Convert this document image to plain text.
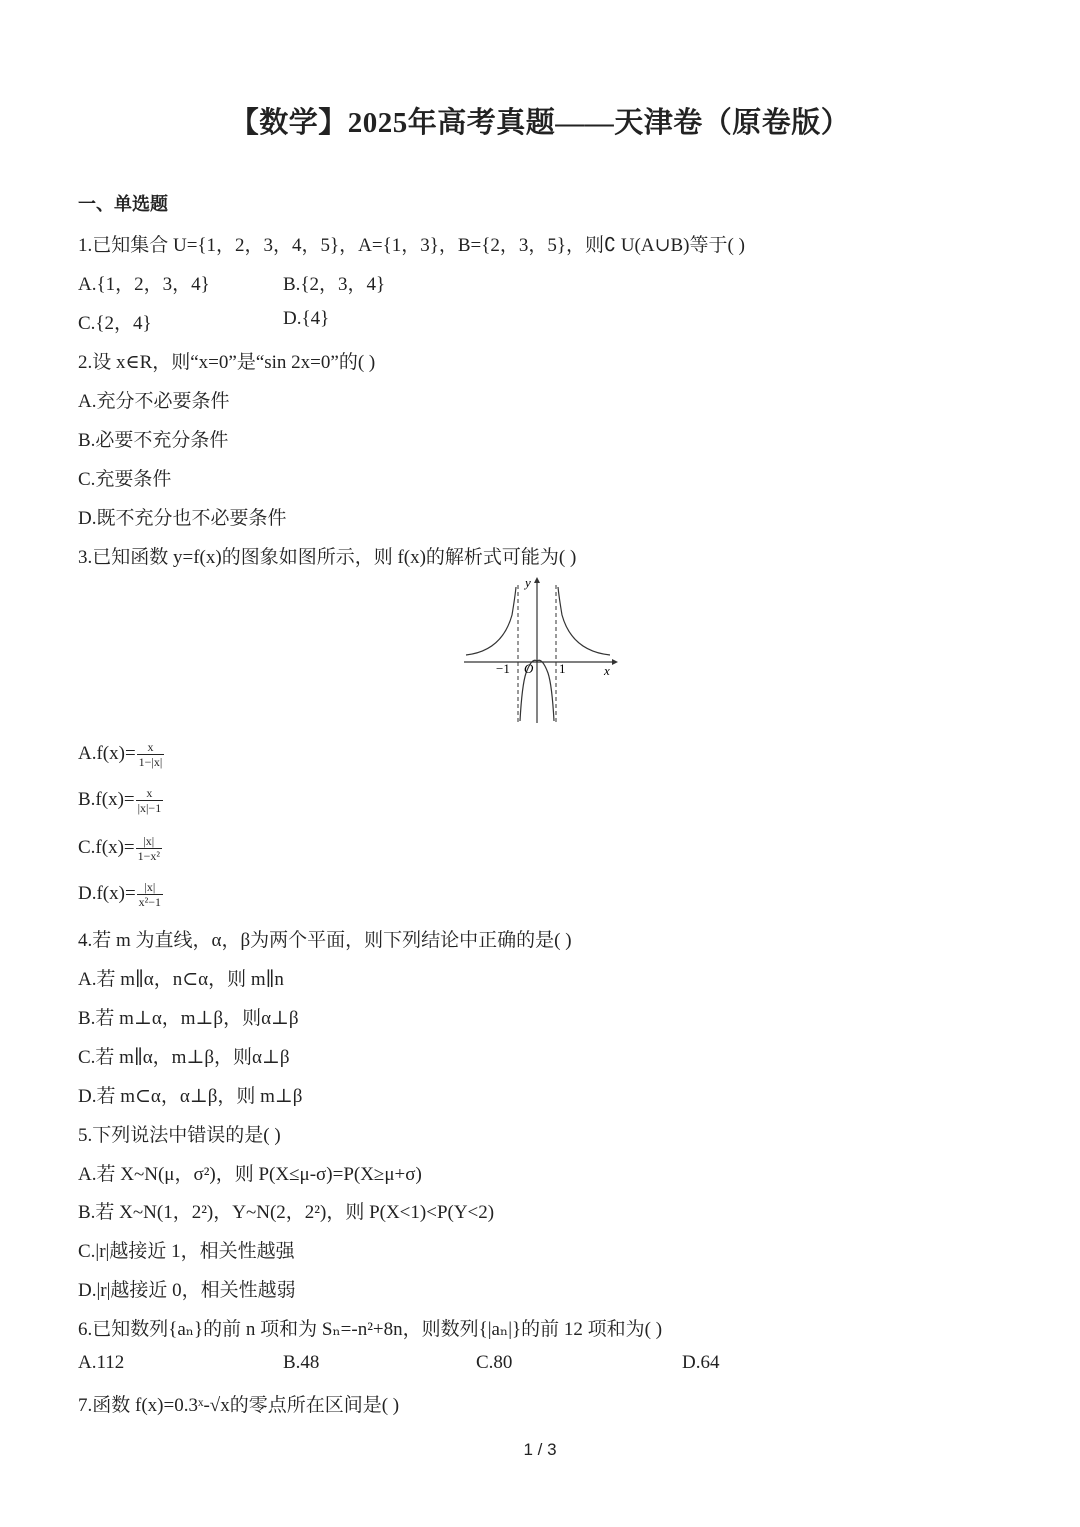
【数学】2025年高考真题——天津卷（原卷版）
一、单选题
1.已知集合 U={1，2，3，4，5}，A={1，3}，B={2，3，5}，则∁ U(A∪B)等于( )
A.{1，2，3，4}	B.{2，3，4}
C.{2，4}	D.{4}
2.设 x∈R，则“x=0”是“sin 2x=0”的( )
A.充分不必要条件
B.必要不充分条件
C.充要条件
D.既不充分也不必要条件
3.已知函数 y=f(x)的图象如图所示，则 f(x)的解析式可能为( )
y
x
−1 O 1
$A.f(x)= \frac{x}{1-|x|}$
$B.f(x)= \frac{x}{|x|-1}$
$C.f(x)= \frac{|x|}{\text{1−x²}}$
$D.f(x)= \frac{|x|}{\text{x²−1}}$
4.若 m 为直线，α，β为两个平面，则下列结论中正确的是( )
A.若 m∥α，n⊂α，则 m∥n
B.若 m⊥α，m⊥β，则α⊥β
C.若 m∥α，m⊥β，则α⊥β
D.若 m⊂α，α⊥β，则 m⊥β
5.下列说法中错误的是( )
A.若 X~N(μ，σ²)，则 P(X≤μ-σ)=P(X≥μ+σ)
B.若 X~N(1，2²)，Y~N(2，2²)，则 P(X<1)<P(Y<2)
C.|r|越接近 1，相关性越强
D.|r|越接近 0，相关性越弱
6.已知数列{aₙ}的前 n 项和为 Sₙ=-n²+8n，则数列{|aₙ|}的前 12 项和为( )
A.112	B.48	C.80	D.64
7.函数 f(x)=0.3ˣ-√x的零点所在区间是( )
1 / 3
